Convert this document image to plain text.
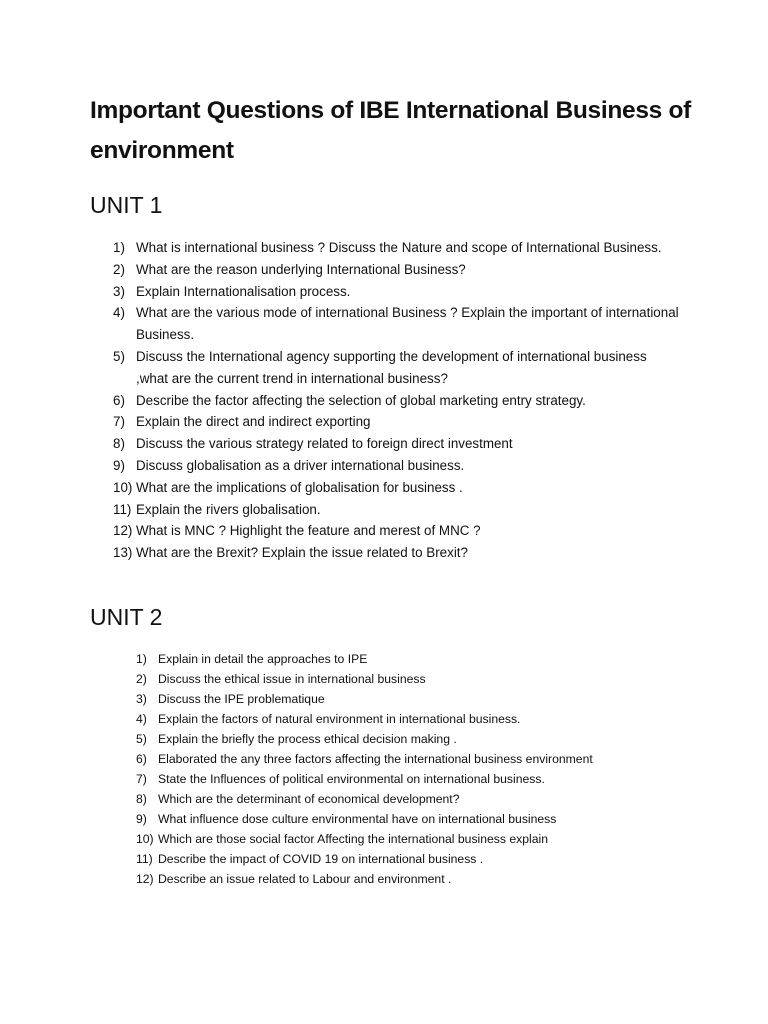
Important Questions of IBE International Business of environment
UNIT 1
1) What is international business ? Discuss the Nature and scope of International Business.
2) What are the reason underlying International Business?
3) Explain Internationalisation process.
4) What are the various mode of international Business ? Explain the important of international Business.
5) Discuss the International agency supporting the development of international business ,what are the current trend in international business?
6) Describe the factor affecting the selection of global marketing entry strategy.
7) Explain the direct and indirect exporting
8) Discuss the various strategy related to foreign direct investment
9) Discuss globalisation as a driver international business.
10) What are the implications of globalisation for business .
11) Explain the rivers globalisation.
12) What is MNC ? Highlight the feature and merest of MNC ?
13) What are the Brexit? Explain the issue related to Brexit?
UNIT 2
1) Explain in detail the approaches to IPE
2) Discuss the ethical issue in international business
3) Discuss the IPE problematique
4) Explain the factors of natural environment in international business.
5) Explain the briefly the process ethical decision making .
6) Elaborated the any three factors affecting the international business environment
7) State the Influences of political environmental on international business.
8) Which are the determinant of economical development?
9) What influence dose culture environmental have on international business
10) Which are those social factor Affecting the international business explain
11) Describe the impact of COVID 19 on international business .
12) Describe an issue related to Labour and environment .
